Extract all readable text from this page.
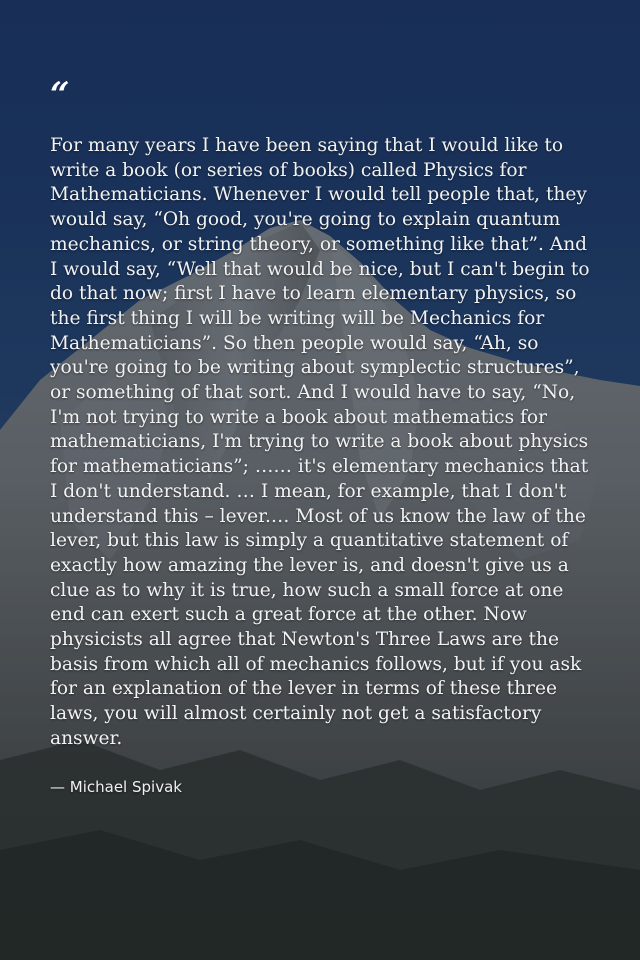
“

For many years I have been saying that I would like to write a book (or series of books) called Physics for Mathematicians. Whenever I would tell people that, they would say, “Oh good, you're going to explain quantum mechanics, or string theory, or something like that”. And I would say, “Well that would be nice, but I can't begin to do that now; first I have to learn elementary physics, so the first thing I will be writing will be Mechanics for Mathematicians”. So then people would say, “Ah, so you're going to be writing about symplectic structures”, or something of that sort. And I would have to say, “No, I'm not trying to write a book about mathematics for mathematicians, I'm trying to write a book about physics for mathematicians”; …… it's elementary mechanics that I don't understand. … I mean, for example, that I don't understand this – lever.… Most of us know the law of the lever, but this law is simply a quantitative statement of exactly how amazing the lever is, and doesn't give us a clue as to why it is true, how such a small force at one end can exert such a great force at the other. Now physicists all agree that Newton's Three Laws are the basis from which all of mechanics follows, but if you ask for an explanation of the lever in terms of these three laws, you will almost certainly not get a satisfactory answer.

— Michael Spivak
